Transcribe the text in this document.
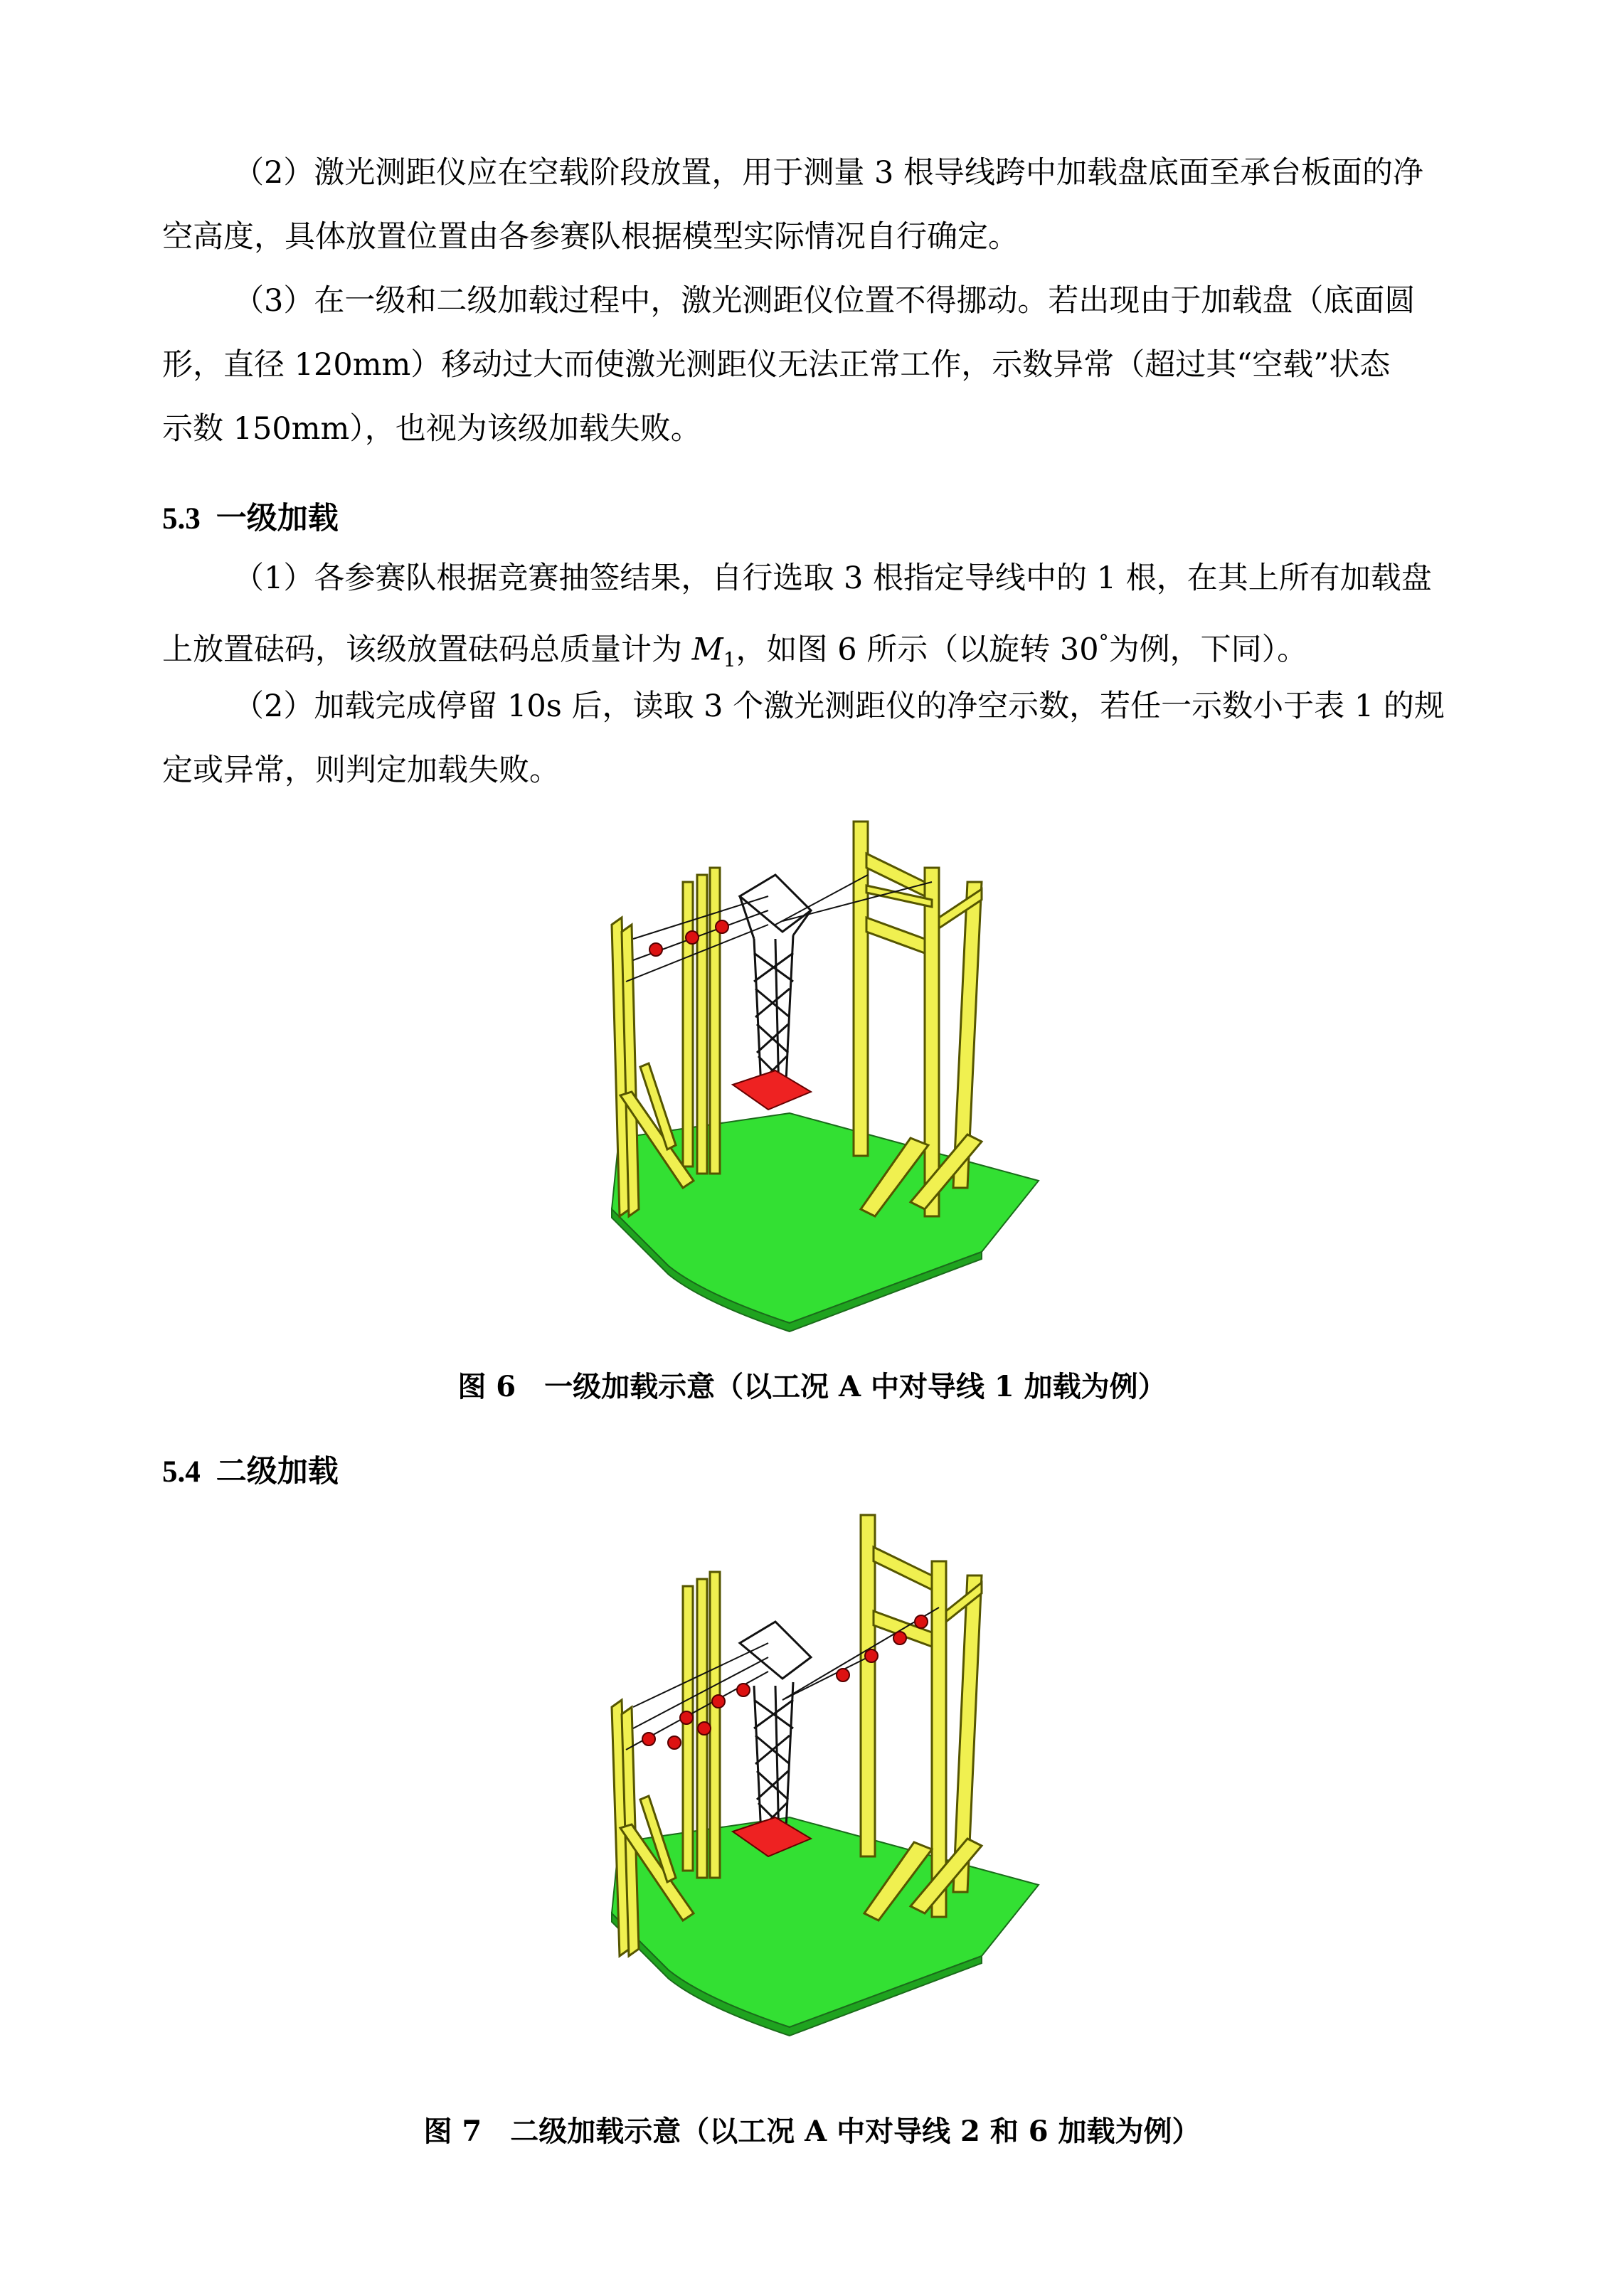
（2）激光测距仪应在空载阶段放置，用于测量 3 根导线跨中加载盘底面至承台板面的净
空高度，具体放置位置由各参赛队根据模型实际情况自行确定。
（3）在一级和二级加载过程中，激光测距仪位置不得挪动。若出现由于加载盘（底面圆
形，直径 120mm）移动过大而使激光测距仪无法正常工作，示数异常（超过其“空载”状态
示数 150mm），也视为该级加载失败。
5.3 一级加载
（1）各参赛队根据竞赛抽签结果，自行选取 3 根指定导线中的 1 根，在其上所有加载盘
上放置砝码，该级放置砝码总质量计为 $M_1$，如图 6 所示（以旋转 30°为例，下同）。
（2）加载完成停留 10s 后，读取 3 个激光测距仪的净空示数，若任一示数小于表 1 的规
定或异常，则判定加载失败。
图 6 一级加载示意（以工况 A 中对导线 1 加载为例）
5.4 二级加载
图 7 二级加载示意（以工况 A 中对导线 2 和 6 加载为例）
